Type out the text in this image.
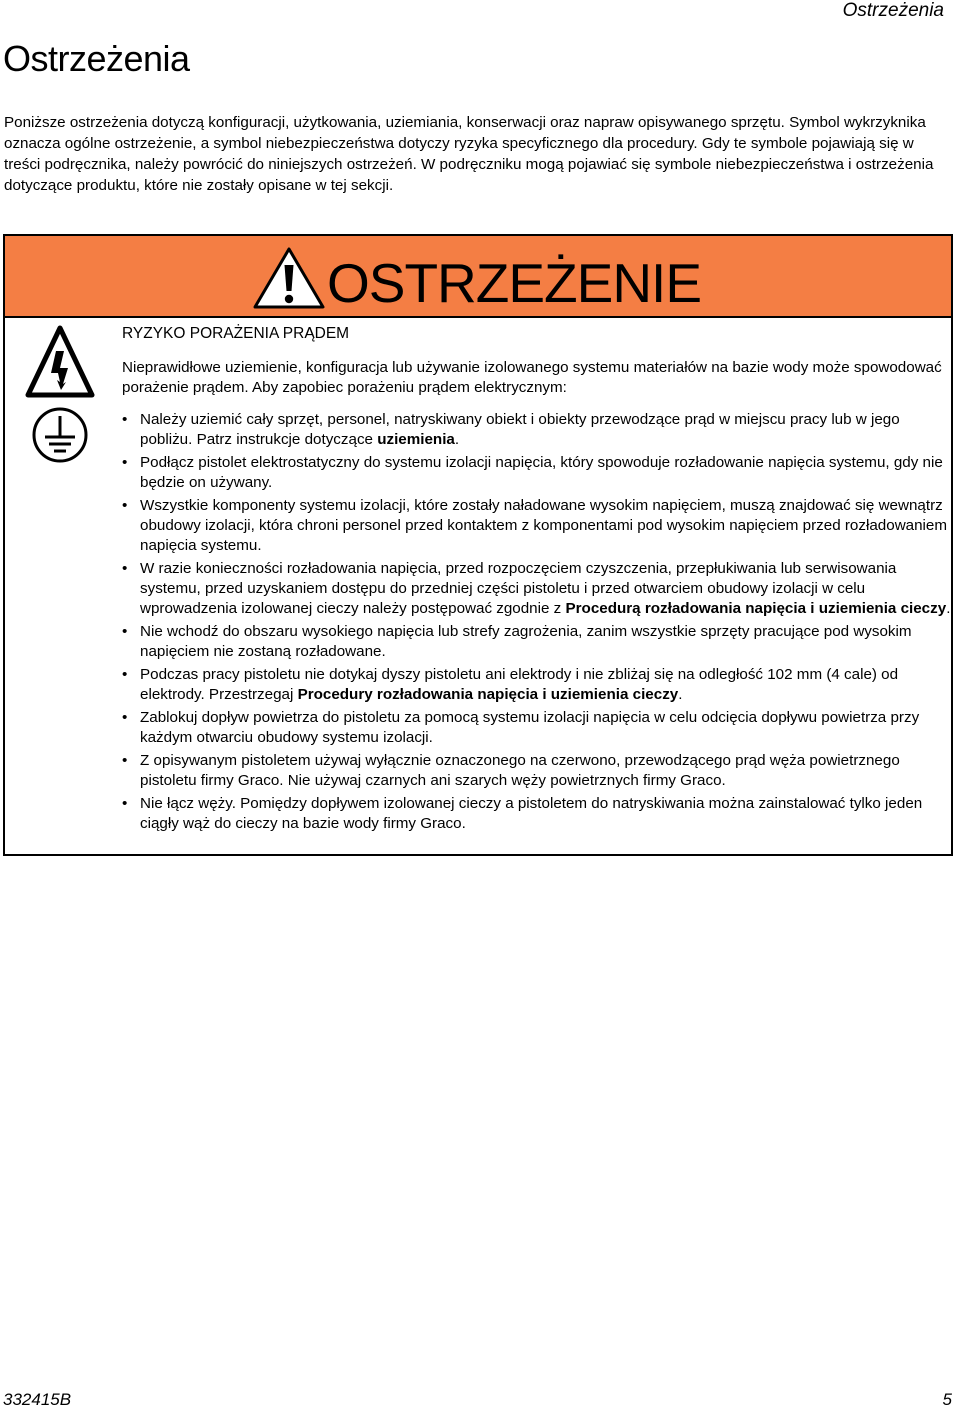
Ostrzeżenia
Ostrzeżenia

Poniższe ostrzeżenia dotyczą konfiguracji, użytkowania, uziemiania, konserwacji oraz napraw opisywanego sprzętu. Symbol wykrzyknika oznacza ogólne ostrzeżenie, a symbol niebezpieczeństwa dotyczy ryzyka specyficznego dla procedury. Gdy te symbole pojawiają się w treści podręcznika, należy powrócić do niniejszych ostrzeżeń. W podręczniku mogą pojawiać się symbole niebezpieczeństwa i ostrzeżenia dotyczące produktu, które nie zostały opisane w tej sekcji.

OSTRZEŻENIE

RYZYKO PORAŻENIA PRĄDEM

Nieprawidłowe uziemienie, konfiguracja lub używanie izolowanego systemu materiałów na bazie wody może spowodować porażenie prądem. Aby zapobiec porażeniu prądem elektrycznym:

• Należy uziemić cały sprzęt, personel, natryskiwany obiekt i obiekty przewodzące prąd w miejscu pracy lub w jego pobliżu. Patrz instrukcje dotyczące uziemienia.
• Podłącz pistolet elektrostatyczny do systemu izolacji napięcia, który spowoduje rozładowanie napięcia systemu, gdy nie będzie on używany.
• Wszystkie komponenty systemu izolacji, które zostały naładowane wysokim napięciem, muszą znajdować się wewnątrz obudowy izolacji, która chroni personel przed kontaktem z komponentami pod wysokim napięciem przed rozładowaniem napięcia systemu.
• W razie konieczności rozładowania napięcia, przed rozpoczęciem czyszczenia, przepłukiwania lub serwisowania systemu, przed uzyskaniem dostępu do przedniej części pistoletu i przed otwarciem obudowy izolacji w celu wprowadzenia izolowanej cieczy należy postępować zgodnie z Procedurą rozładowania napięcia i uziemienia cieczy.
• Nie wchodź do obszaru wysokiego napięcia lub strefy zagrożenia, zanim wszystkie sprzęty pracujące pod wysokim napięciem nie zostaną rozładowane.
• Podczas pracy pistoletu nie dotykaj dyszy pistoletu ani elektrody i nie zbliżaj się na odległość 102 mm (4 cale) od elektrody. Przestrzegaj Procedury rozładowania napięcia i uziemienia cieczy.
• Zablokuj dopływ powietrza do pistoletu za pomocą systemu izolacji napięcia w celu odcięcia dopływu powietrza przy każdym otwarciu obudowy systemu izolacji.
• Z opisywanym pistoletem używaj wyłącznie oznaczonego na czerwono, przewodzącego prąd węża powietrznego pistoletu firmy Graco. Nie używaj czarnych ani szarych węży powietrznych firmy Graco.
• Nie łącz węży. Pomiędzy dopływem izolowanej cieczy a pistoletem do natryskiwania można zainstalować tylko jeden ciągły wąż do cieczy na bazie wody firmy Graco.
332415B	5
